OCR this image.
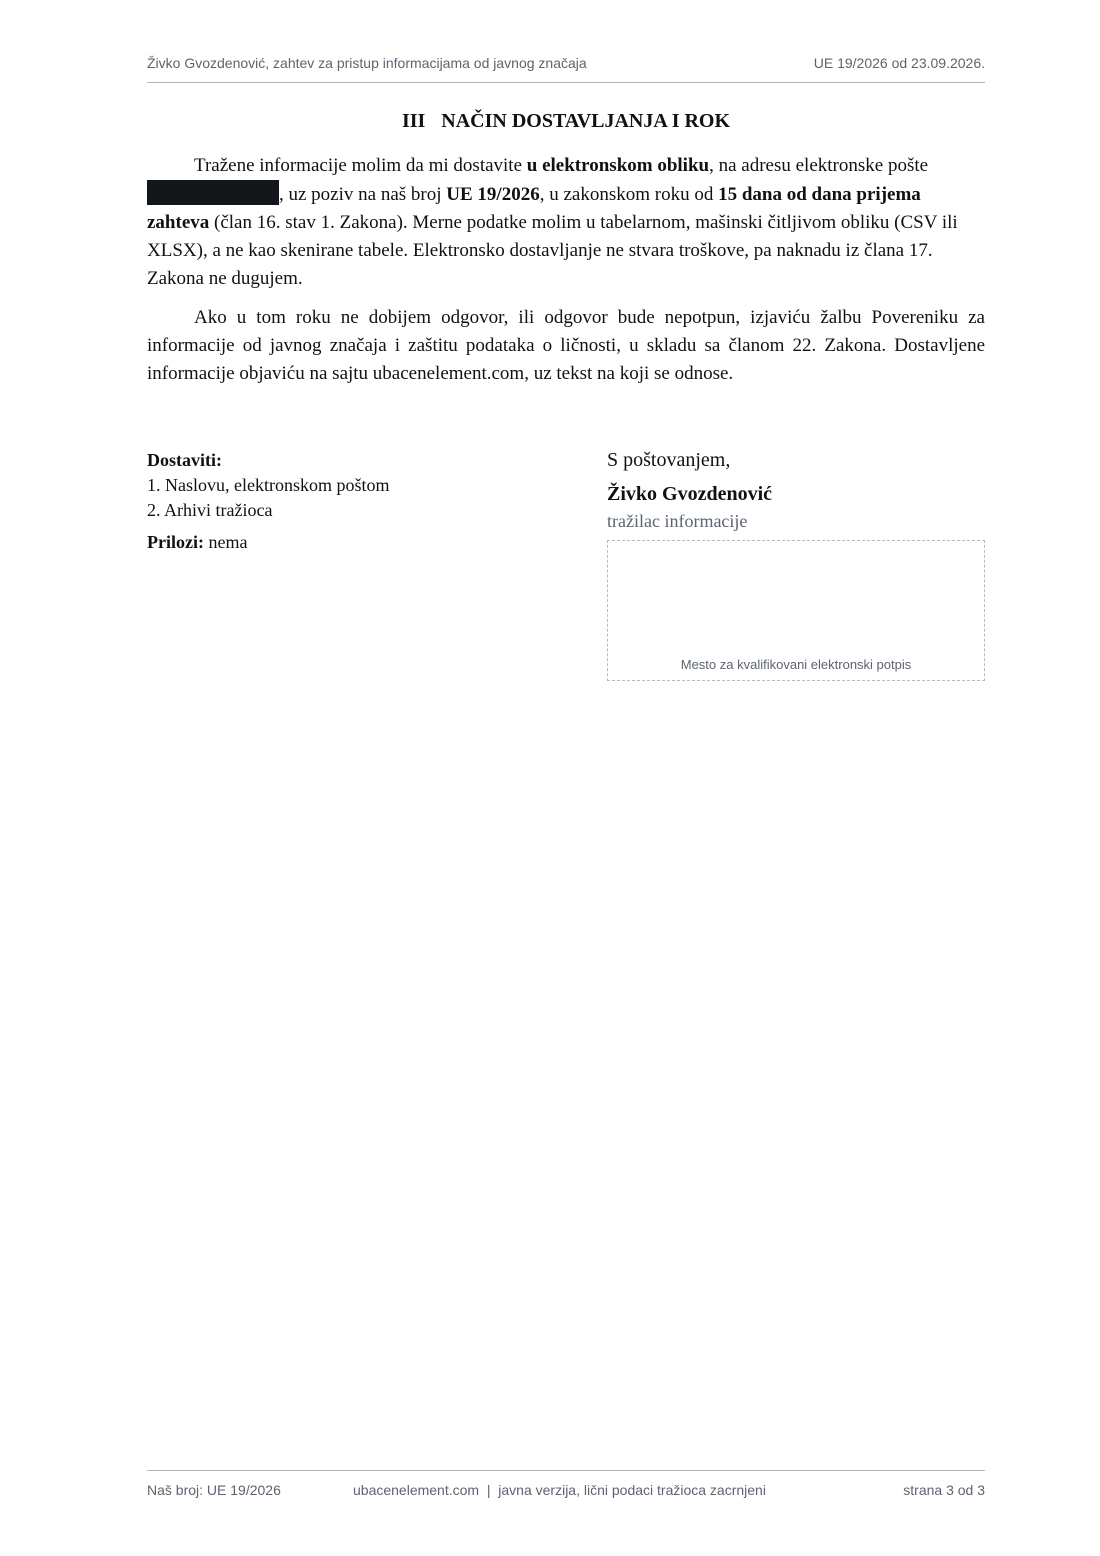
Živko Gvozdenović, zahtev za pristup informacijama od javnog značaja	UE 19/2026 od 23.09.2026.
III NAČIN DOSTAVLJANJA I ROK

Tražene informacije molim da mi dostavite u elektronskom obliku, na adresu elektronske pošte , uz poziv na naš broj UE 19/2026, u zakonskom roku od 15 dana od dana prijema zahteva (član 16. stav 1. Zakona). Merne podatke molim u tabelarnom, mašinski čitljivom obliku (CSV ili XLSX), a ne kao skenirane tabele. Elektronsko dostavljanje ne stvara troškove, pa naknadu iz člana 17. Zakona ne dugujem.

Ako u tom roku ne dobijem odgovor, ili odgovor bude nepotpun, izjaviću žalbu Povereniku za informacije od javnog značaja i zaštitu podataka o ličnosti, u skladu sa članom 22. Zakona. Dostavljene informacije objaviću na sajtu ubacenelement.com, uz tekst na koji se odnose.

Dostaviti:
1. Naslovu, elektronskom poštom
2. Arhivi tražioca
Prilozi: nema
S poštovanjem,
Živko Gvozdenović
tražilac informacije
Mesto za kvalifikovani elektronski potpis
Naš broj: UE 19/2026	ubacenelement.com  |  javna verzija, lični podaci tražioca zacrnjeni	strana 3 od 3
